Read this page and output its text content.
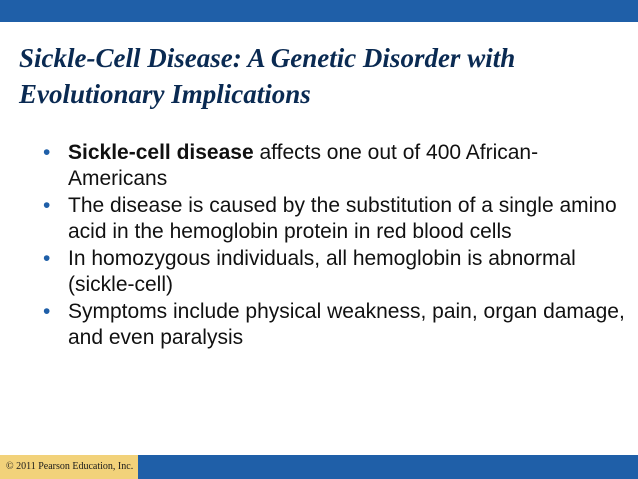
Sickle-Cell Disease: A Genetic Disorder with Evolutionary Implications
• Sickle-cell disease affects one out of 400 African-Americans
• The disease is caused by the substitution of a single amino acid in the hemoglobin protein in red blood cells
• In homozygous individuals, all hemoglobin is abnormal (sickle-cell)
• Symptoms include physical weakness, pain, organ damage, and even paralysis
© 2011 Pearson Education, Inc.
